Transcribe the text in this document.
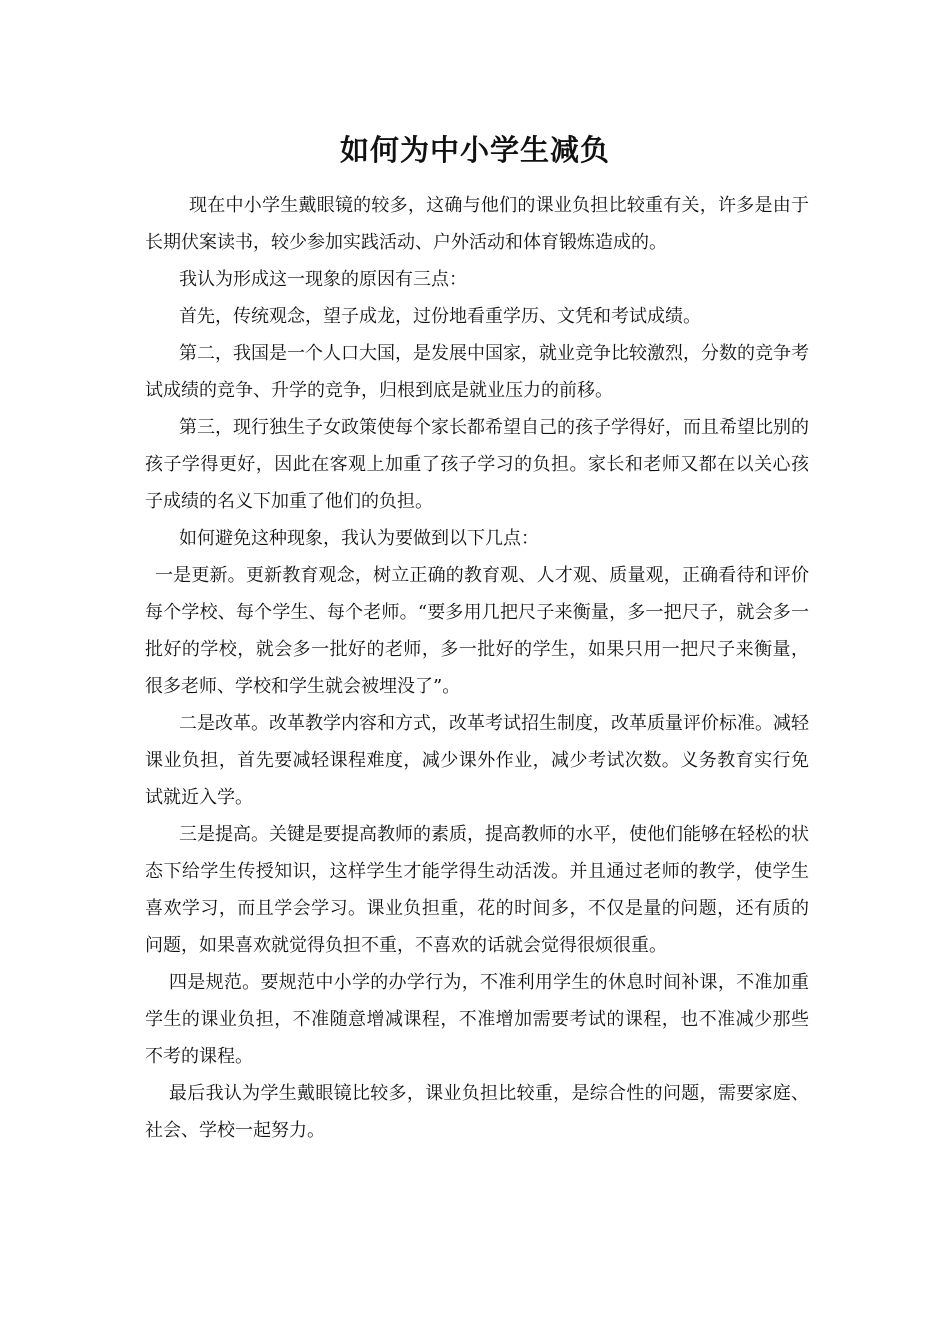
如何为中小学生减负

现在中小学生戴眼镜的较多，这确与他们的课业负担比较重有关，许多是由于长期伏案读书，较少参加实践活动、户外活动和体育锻炼造成的。

我认为形成这一现象的原因有三点：

首先，传统观念，望子成龙，过份地看重学历、文凭和考试成绩。

第二，我国是一个人口大国，是发展中国家，就业竞争比较激烈，分数的竞争考试成绩的竞争、升学的竞争，归根到底是就业压力的前移。

第三，现行独生子女政策使每个家长都希望自己的孩子学得好，而且希望比别的孩子学得更好，因此在客观上加重了孩子学习的负担。家长和老师又都在以关心孩子成绩的名义下加重了他们的负担。

如何避免这种现象，我认为要做到以下几点：

一是更新。更新教育观念，树立正确的教育观、人才观、质量观，正确看待和评价每个学校、每个学生、每个老师。“要多用几把尺子来衡量，多一把尺子，就会多一批好的学校，就会多一批好的老师，多一批好的学生，如果只用一把尺子来衡量，很多老师、学校和学生就会被埋没了”。

二是改革。改革教学内容和方式，改革考试招生制度，改革质量评价标准。减轻课业负担，首先要减轻课程难度，减少课外作业，减少考试次数。义务教育实行免试就近入学。

三是提高。关键是要提高教师的素质，提高教师的水平，使他们能够在轻松的状态下给学生传授知识，这样学生才能学得生动活泼。并且通过老师的教学，使学生喜欢学习，而且学会学习。课业负担重，花的时间多，不仅是量的问题，还有质的问题，如果喜欢就觉得负担不重，不喜欢的话就会觉得很烦很重。

四是规范。要规范中小学的办学行为，不准利用学生的休息时间补课，不准加重学生的课业负担，不准随意增减课程，不准增加需要考试的课程，也不准减少那些不考的课程。

最后我认为学生戴眼镜比较多，课业负担比较重，是综合性的问题，需要家庭、社会、学校一起努力。
